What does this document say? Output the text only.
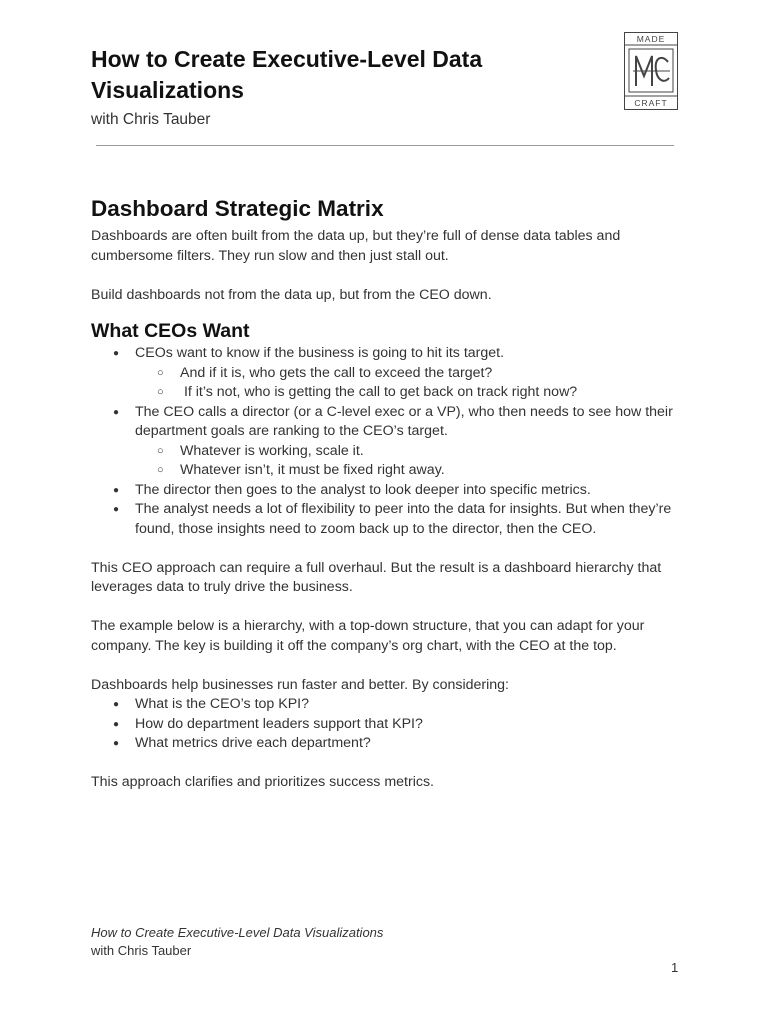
How to Create Executive-Level Data Visualizations
with Chris Tauber
MADE
CRAFT
Dashboard Strategic Matrix

Dashboards are often built from the data up, but they’re full of dense data tables and cumbersome filters. They run slow and then just stall out.

Build dashboards not from the data up, but from the CEO down.

What CEOs Want
● CEOs want to know if the business is going to hit its target.
○ And if it is, who gets the call to exceed the target?
○ If it’s not, who is getting the call to get back on track right now?
● The CEO calls a director (or a C-level exec or a VP), who then needs to see how their department goals are ranking to the CEO’s target.
○ Whatever is working, scale it.
○ Whatever isn’t, it must be fixed right away.
● The director then goes to the analyst to look deeper into specific metrics.
● The analyst needs a lot of flexibility to peer into the data for insights. But when they’re found, those insights need to zoom back up to the director, then the CEO.

This CEO approach can require a full overhaul. But the result is a dashboard hierarchy that leverages data to truly drive the business.

The example below is a hierarchy, with a top-down structure, that you can adapt for your company. The key is building it off the company’s org chart, with the CEO at the top.

Dashboards help businesses run faster and better. By considering:

● What is the CEO’s top KPI?
● How do department leaders support that KPI?
● What metrics drive each department?

This approach clarifies and prioritizes success metrics.

How to Create Executive-Level Data Visualizations
with Chris Tauber
1
